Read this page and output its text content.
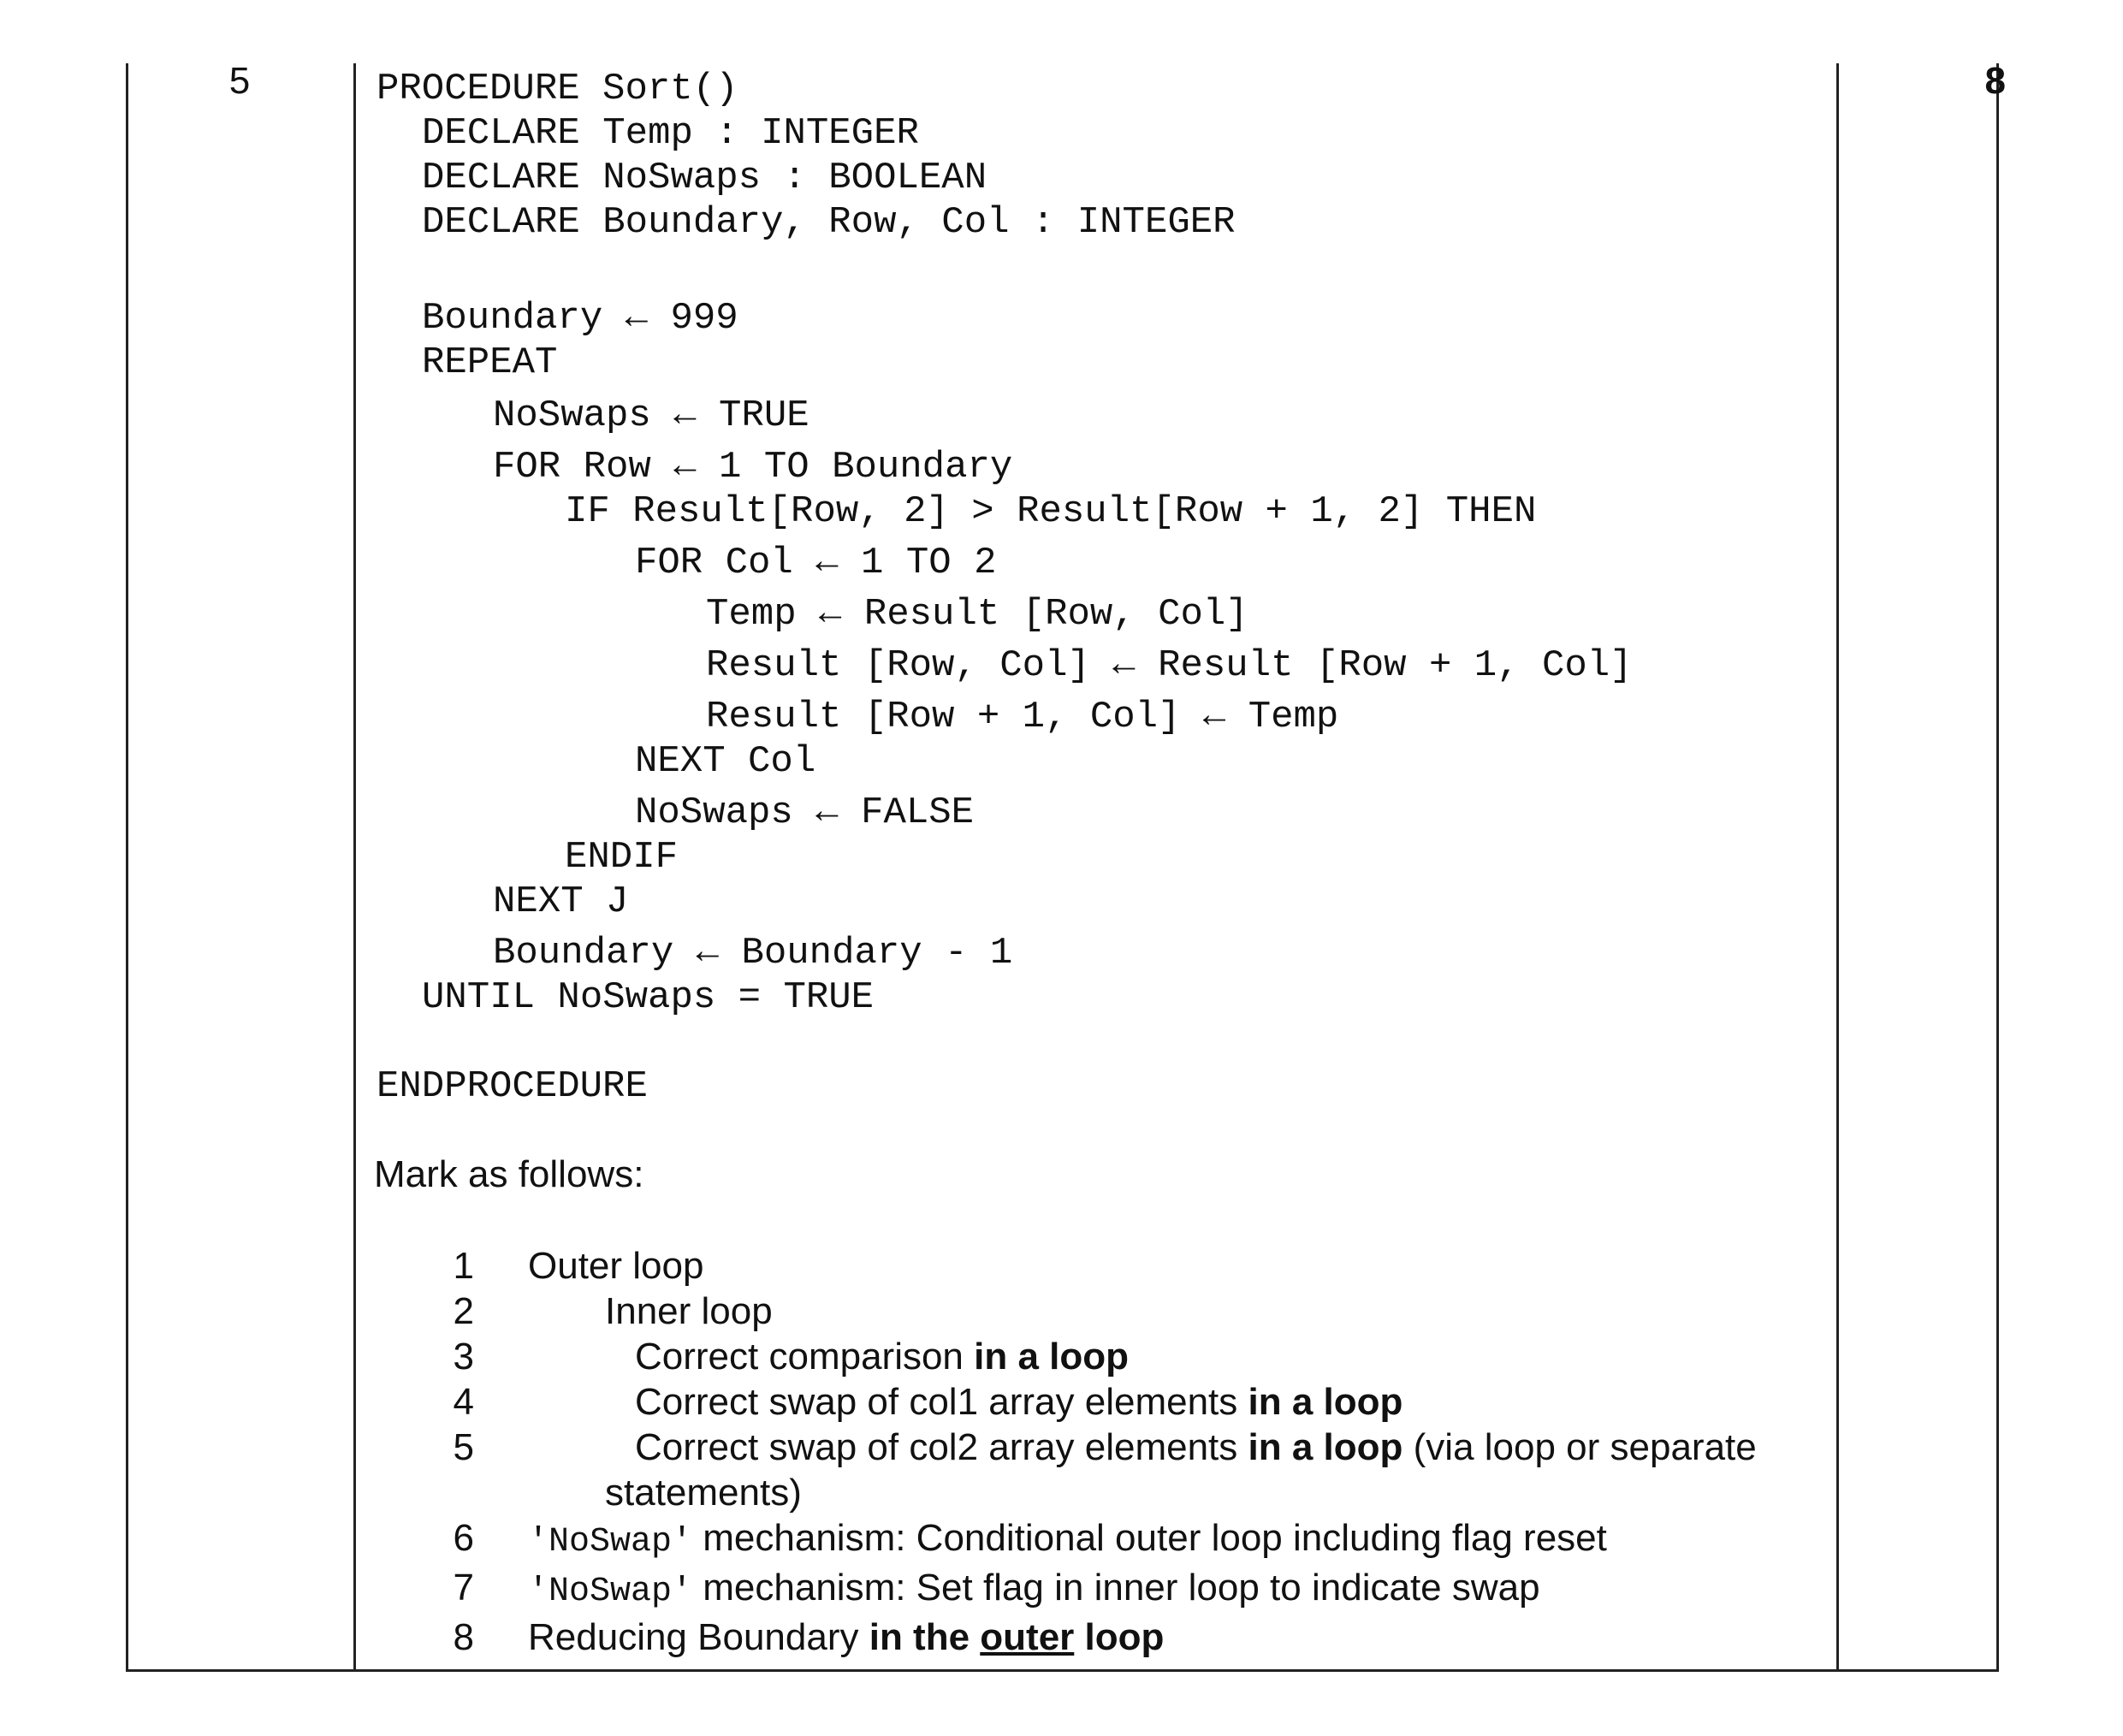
5	8
PROCEDURE Sort()
DECLARE Temp : INTEGER
DECLARE NoSwaps : BOOLEAN
DECLARE Boundary, Row, Col : INTEGER
Boundary ← 999
REPEAT
NoSwaps ← TRUE
FOR Row ← 1 TO Boundary
IF Result[Row, 2] > Result[Row + 1, 2] THEN
FOR Col ← 1 TO 2
Temp ← Result [Row, Col]
Result [Row, Col] ← Result [Row + 1, Col]
Result [Row + 1, Col] ← Temp
NEXT Col
NoSwaps ← FALSE
ENDIF
NEXT J
Boundary ← Boundary - 1
UNTIL NoSwaps = TRUE
ENDPROCEDURE
Mark as follows:
1 Outer loop
2	Inner loop
3	Correct comparison in a loop
4	Correct swap of col1 array elements in a loop
5	Correct swap of col2 array elements in a loop (via loop or separate
statements)
6 'NoSwap' mechanism: Conditional outer loop including flag reset
7 'NoSwap' mechanism: Set flag in inner loop to indicate swap
8 Reducing Boundary in the outer loop
